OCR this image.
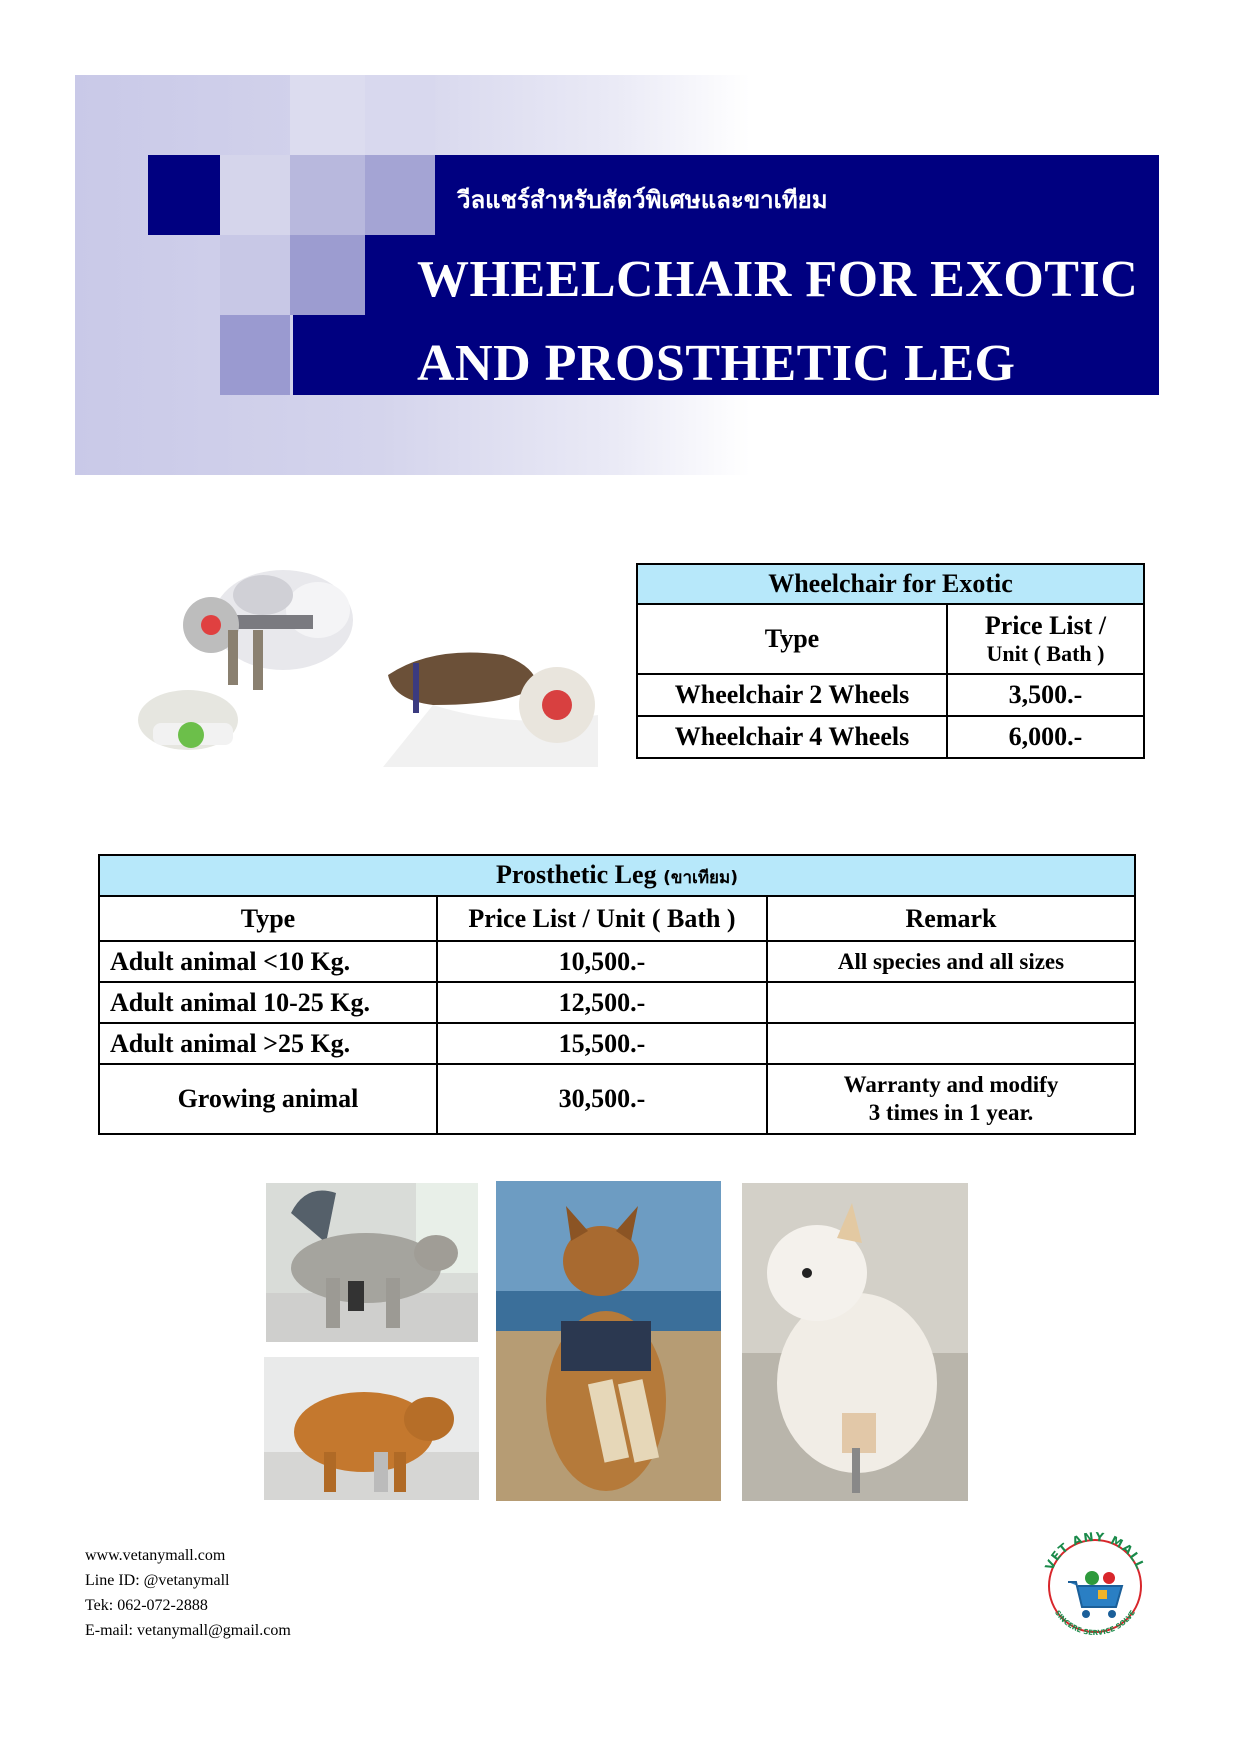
วีลแชร์สำหรับสัตว์พิเศษและขาเทียม
WHEELCHAIR FOR EXOTIC
AND PROSTHETIC LEG
Wheelchair for Exotic	
Type	Price List /
Unit ( Bath )

Wheelchair 2 Wheels	3,500.-
Wheelchair 4 Wheels	6,000.-
Prosthetic Leg (ขาเทียม)		
Type	Price List / Unit ( Bath )	Remark
Adult animal <10 Kg.	10,500.-	All species and all sizes
Adult animal 10-25 Kg.	12,500.-	
Adult animal >25 Kg.	15,500.-	
Growing animal	30,500.-	Warranty and modify
3 times in 1 year.
www.vetanymall.com
Line ID: @vetanymall
Tek: 062-072-2888
E-mail: vetanymall@gmail.com
VET ANY MALL
SINCERE SERVICE SOLVE
